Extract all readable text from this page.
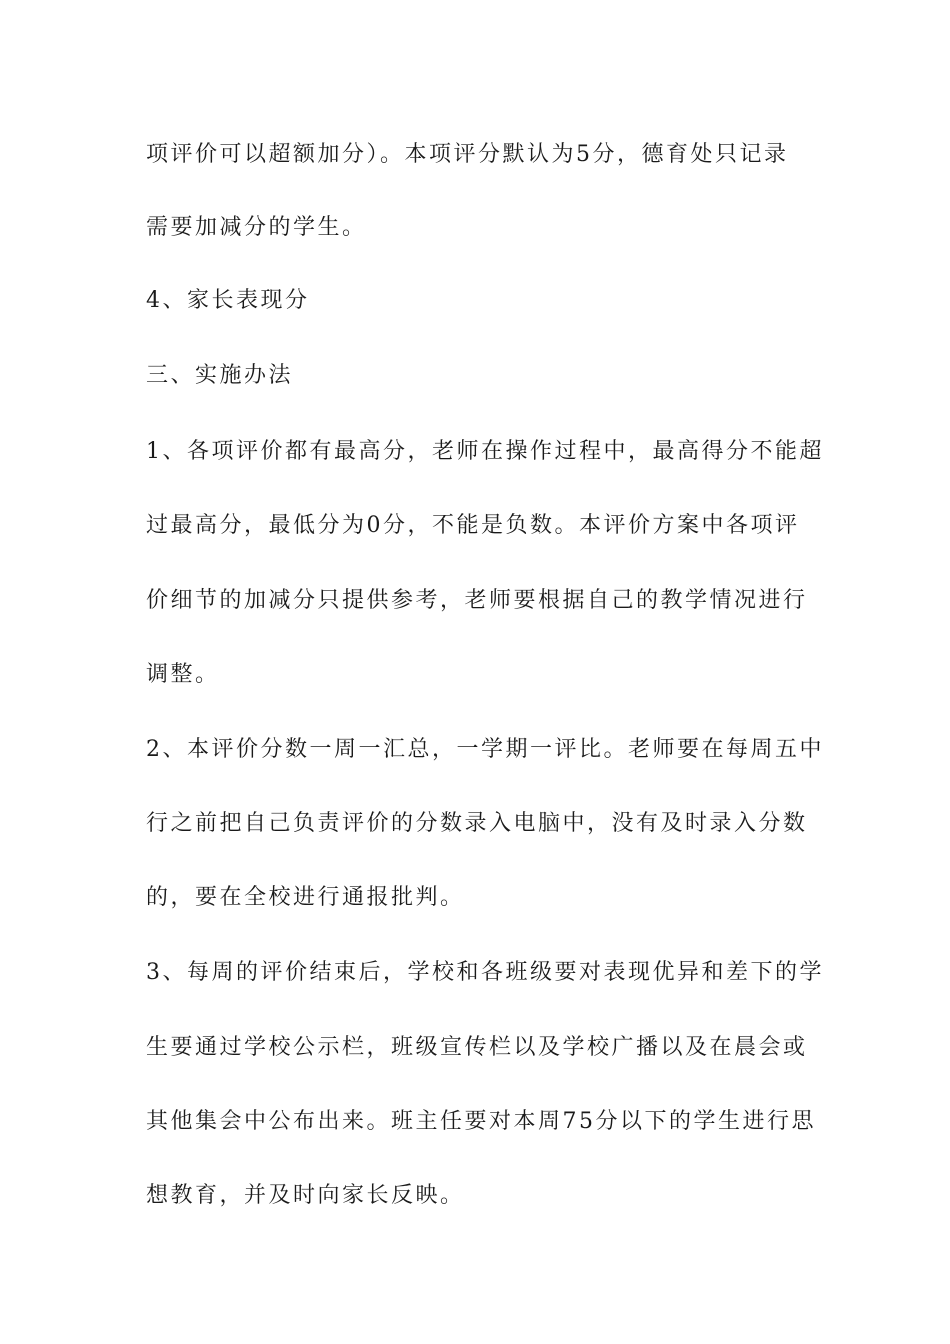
项评价可以超额加分）。本项评分默认为5分，德育处只记录
需要加减分的学生。
4、家长表现分
三、实施办法
1、各项评价都有最高分，老师在操作过程中，最高得分不能超
过最高分，最低分为0分，不能是负数。本评价方案中各项评
价细节的加减分只提供参考，老师要根据自己的教学情况进行
调整。
2、本评价分数一周一汇总，一学期一评比。老师要在每周五中
行之前把自己负责评价的分数录入电脑中，没有及时录入分数
的，要在全校进行通报批判。
3、每周的评价结束后，学校和各班级要对表现优异和差下的学
生要通过学校公示栏，班级宣传栏以及学校广播以及在晨会或
其他集会中公布出来。班主任要对本周75分以下的学生进行思
想教育，并及时向家长反映。
